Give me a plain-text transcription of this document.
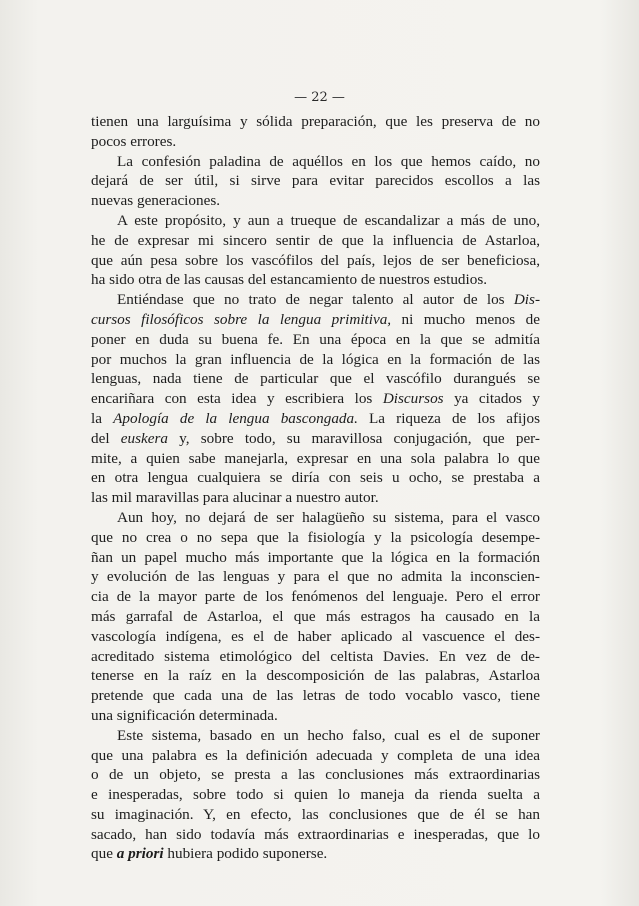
— 22 —
tienen una larguísima y sólida preparación, que les preserva de no
pocos errores.
La confesión paladina de aquéllos en los que hemos caído, no
dejará de ser útil, si sirve para evitar parecidos escollos a las
nuevas generaciones.
A este propósito, y aun a trueque de escandalizar a más de uno,
he de expresar mi sincero sentir de que la influencia de Astarloa,
que aún pesa sobre los vascófilos del país, lejos de ser beneficiosa,
ha sido otra de las causas del estancamiento de nuestros estudios.
Entiéndase que no trato de negar talento al autor de los Dis-
cursos filosóficos sobre la lengua primitiva, ni mucho menos de
poner en duda su buena fe. En una época en la que se admitía
por muchos la gran influencia de la lógica en la formación de las
lenguas, nada tiene de particular que el vascófilo durangués se
encariñara con esta idea y escribiera los Discursos ya citados y
la Apología de la lengua bascongada. La riqueza de los afijos
del euskera y, sobre todo, su maravillosa conjugación, que per-
mite, a quien sabe manejarla, expresar en una sola palabra lo que
en otra lengua cualquiera se diría con seis u ocho, se prestaba a
las mil maravillas para alucinar a nuestro autor.
Aun hoy, no dejará de ser halagüeño su sistema, para el vasco
que no crea o no sepa que la fisiología y la psicología desempe-
ñan un papel mucho más importante que la lógica en la formación
y evolución de las lenguas y para el que no admita la inconscien-
cia de la mayor parte de los fenómenos del lenguaje. Pero el error
más garrafal de Astarloa, el que más estragos ha causado en la
vascología indígena, es el de haber aplicado al vascuence el des-
acreditado sistema etimológico del celtista Davies. En vez de de-
tenerse en la raíz en la descomposición de las palabras, Astarloa
pretende que cada una de las letras de todo vocablo vasco, tiene
una significación determinada.
Este sistema, basado en un hecho falso, cual es el de suponer
que una palabra es la definición adecuada y completa de una idea
o de un objeto, se presta a las conclusiones más extraordinarias
e inesperadas, sobre todo si quien lo maneja da rienda suelta a
su imaginación. Y, en efecto, las conclusiones que de él se han
sacado, han sido todavía más extraordinarias e inesperadas, que lo
que a priori hubiera podido suponerse.
